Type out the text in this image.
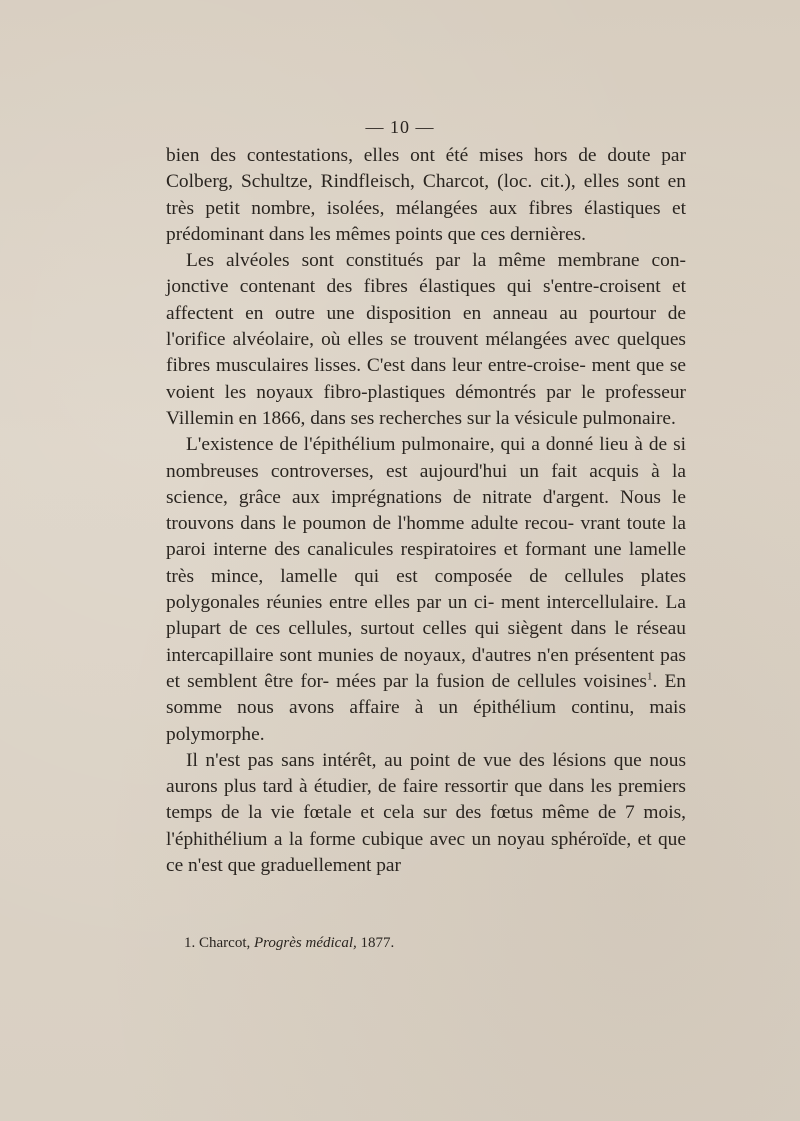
— 10 —

bien des contestations, elles ont été mises hors de doute par Colberg, Schultze, Rindfleisch, Charcot, (loc. cit.), elles sont en très petit nombre, isolées, mélangées aux fibres élastiques et prédominant dans les mêmes points que ces dernières.

Les alvéoles sont constitués par la même membrane con- jonctive contenant des fibres élastiques qui s'entre-croisent et affectent en outre une disposition en anneau au pourtour de l'orifice alvéolaire, où elles se trouvent mélangées avec quelques fibres musculaires lisses. C'est dans leur entre-croise- ment que se voient les noyaux fibro-plastiques démontrés par le professeur Villemin en 1866, dans ses recherches sur la vésicule pulmonaire.

L'existence de l'épithélium pulmonaire, qui a donné lieu à de si nombreuses controverses, est aujourd'hui un fait acquis à la science, grâce aux imprégnations de nitrate d'argent. Nous le trouvons dans le poumon de l'homme adulte recou- vrant toute la paroi interne des canalicules respiratoires et formant une lamelle très mince, lamelle qui est composée de cellules plates polygonales réunies entre elles par un ci- ment intercellulaire. La plupart de ces cellules, surtout celles qui siègent dans le réseau intercapillaire sont munies de noyaux, d'autres n'en présentent pas et semblent être for- mées par la fusion de cellules voisines$^1$. En somme nous avons affaire à un épithélium continu, mais polymorphe.

Il n'est pas sans intérêt, au point de vue des lésions que nous aurons plus tard à étudier, de faire ressortir que dans les premiers temps de la vie fœtale et cela sur des fœtus même de 7 mois, l'éphithélium a la forme cubique avec un noyau sphéroïde, et que ce n'est que graduellement par

1. Charcot, Progrès médical, 1877.
